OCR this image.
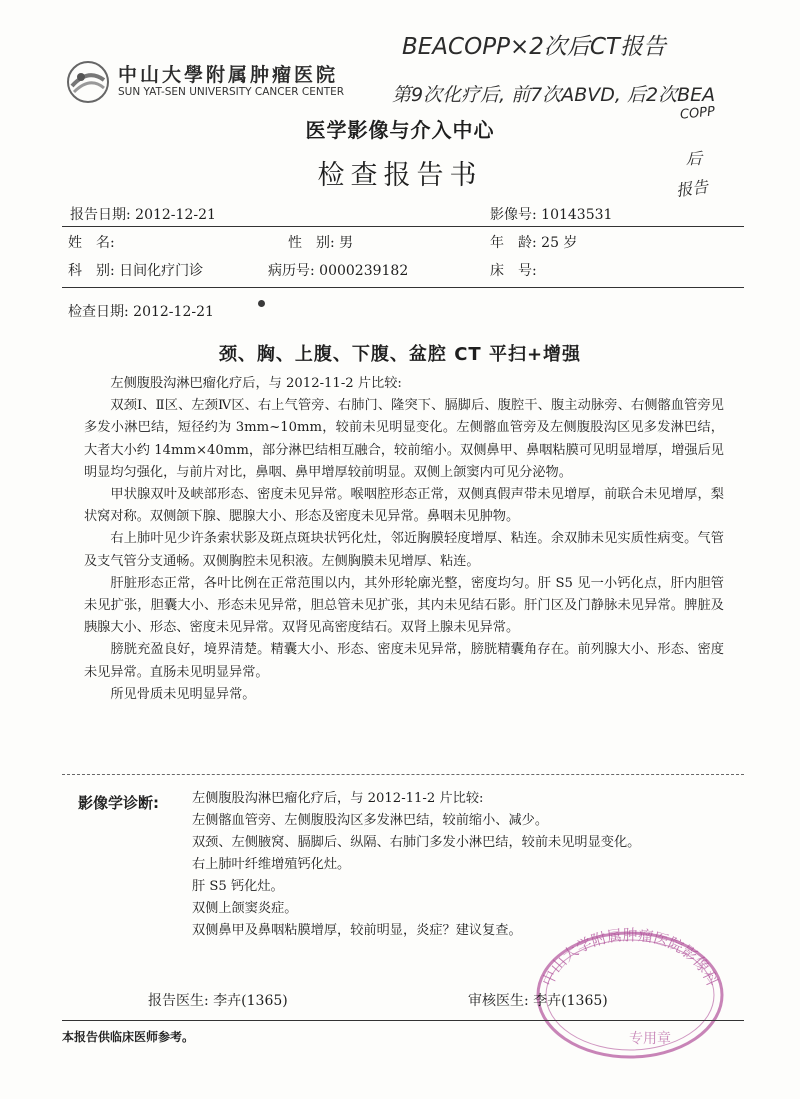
中山大學附属肿瘤医院
SUN YAT-SEN UNIVERSITY CANCER CENTER
BEACOPP×2次后CT报告
第9次化疗后, 前7次ABVD, 后2次BEA
COPP
后
报告
医学影像与介入中心
检查报告书
报告日期: 2012-12-21	影像号: 10143531
姓　名:	性　别: 男	年　龄: 25 岁
科　别: 日间化疗门诊	病历号: 0000239182	床　号:
检查日期: 2012-12-21
颈、胸、上腹、下腹、盆腔 CT 平扫+增强

左侧腹股沟淋巴瘤化疗后，与 2012-11-2 片比较:

双颈Ⅰ、Ⅱ区、左颈Ⅳ区、右上气管旁、右肺门、隆突下、膈脚后、腹腔干、腹主动脉旁、右侧髂血管旁见多发小淋巴结，短径约为 3mm~10mm，较前未见明显变化。左侧髂血管旁及左侧腹股沟区见多发淋巴结，大者大小约 14mm×40mm，部分淋巴结相互融合，较前缩小。双侧鼻甲、鼻咽粘膜可见明显增厚，增强后见明显均匀强化，与前片对比，鼻咽、鼻甲增厚较前明显。双侧上颌窦内可见分泌物。

甲状腺双叶及峡部形态、密度未见异常。喉咽腔形态正常，双侧真假声带未见增厚，前联合未见增厚，梨状窝对称。双侧颌下腺、腮腺大小、形态及密度未见异常。鼻咽未见肿物。

右上肺叶见少许条索状影及斑点斑块状钙化灶，邻近胸膜轻度增厚、粘连。余双肺未见实质性病变。气管及支气管分支通畅。双侧胸腔未见积液。左侧胸膜未见增厚、粘连。

肝脏形态正常，各叶比例在正常范围以内，其外形轮廓光整，密度均匀。肝 S5 见一小钙化点，肝内胆管未见扩张，胆囊大小、形态未见异常，胆总管未见扩张，其内未见结石影。肝门区及门静脉未见异常。脾脏及胰腺大小、形态、密度未见异常。双肾见高密度结石。双肾上腺未见异常。

膀胱充盈良好，境界清楚。精囊大小、形态、密度未见异常，膀胱精囊角存在。前列腺大小、形态、密度未见异常。直肠未见明显异常。

所见骨质未见明显异常。

影像学诊断:	左侧腹股沟淋巴瘤化疗后，与 2012-11-2 片比较:
左侧髂血管旁、左侧腹股沟区多发淋巴结，较前缩小、减少。
双颈、左侧腋窝、膈脚后、纵隔、右肺门多发小淋巴结，较前未见明显变化。
右上肺叶纤维增殖钙化灶。
肝 S5 钙化灶。
双侧上颌窦炎症。
双侧鼻甲及鼻咽粘膜增厚，较前明显，炎症？建议复查。
中山大学附属肿瘤医院影像科
专用章
报告医生: 李卉(1365)	审核医生: 李卉(1365)
本报告供临床医师参考。
